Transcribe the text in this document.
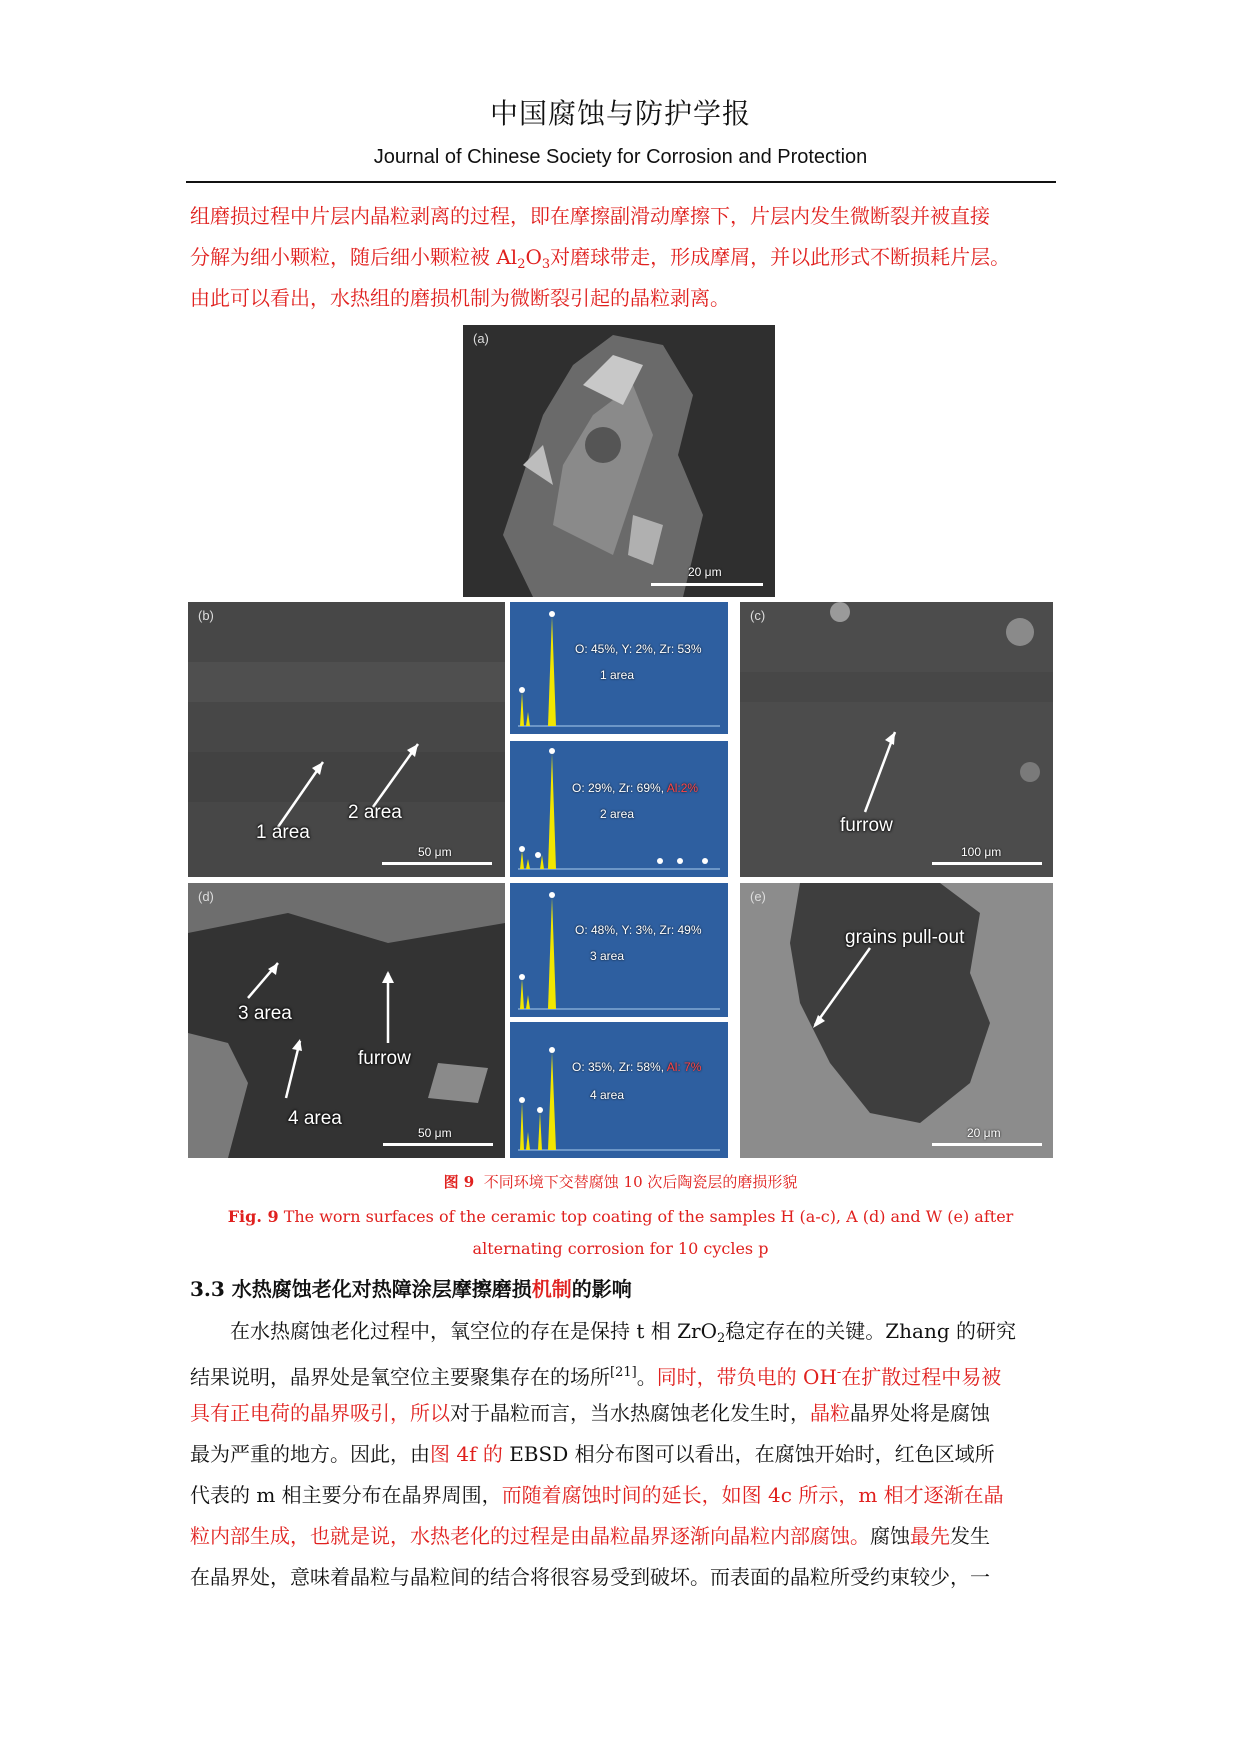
中国腐蚀与防护学报
Journal of Chinese Society for Corrosion and Protection
组磨损过程中片层内晶粒剥离的过程，即在摩擦副滑动摩擦下，片层内发生微断裂并被直接
分解为细小颗粒，随后细小颗粒被 $Al_2O_3$对磨球带走，形成摩屑，并以此形式不断损耗片层。
由此可以看出，水热组的磨损机制为微断裂引起的晶粒剥离。
(a)
20 μm
(b)
1 area
2 area
50 μm
O: 45%, Y: 2%, Zr: 53%
1 area
O: 29%, Zr: 69%, Al:2%
2 area
(c)
furrow
100 μm
(d)
3 area
furrow
4 area
50 μm
O: 48%, Y: 3%, Zr: 49%
3 area
O: 35%, Zr: 58%, Al: 7%
4 area
(e)
grains pull-out
20 μm
图 9 不同环境下交替腐蚀 10 次后陶瓷层的磨损形貌
Fig. 9 The worn surfaces of the ceramic top coating of the samples H (a-c), A (d) and W (e) after alternating corrosion for 10 cycles p
3.3 水热腐蚀老化对热障涂层摩擦磨损机制的影响
在水热腐蚀老化过程中，氧空位的存在是保持 t 相 ZrO$_2$稳定存在的关键。Zhang 的研究
结果说明，晶界处是氧空位主要聚集存在的场所[21]。同时，带负电的 OH-在扩散过程中易被
具有正电荷的晶界吸引，所以对于晶粒而言，当水热腐蚀老化发生时，晶粒晶界处将是腐蚀
最为严重的地方。因此，由图 4f 的 EBSD 相分布图可以看出，在腐蚀开始时，红色区域所
代表的 m 相主要分布在晶界周围，而随着腐蚀时间的延长，如图 4c 所示，m 相才逐渐在晶
粒内部生成，也就是说，水热老化的过程是由晶粒晶界逐渐向晶粒内部腐蚀。腐蚀最先发生
在晶界处，意味着晶粒与晶粒间的结合将很容易受到破坏。而表面的晶粒所受约束较少，一
